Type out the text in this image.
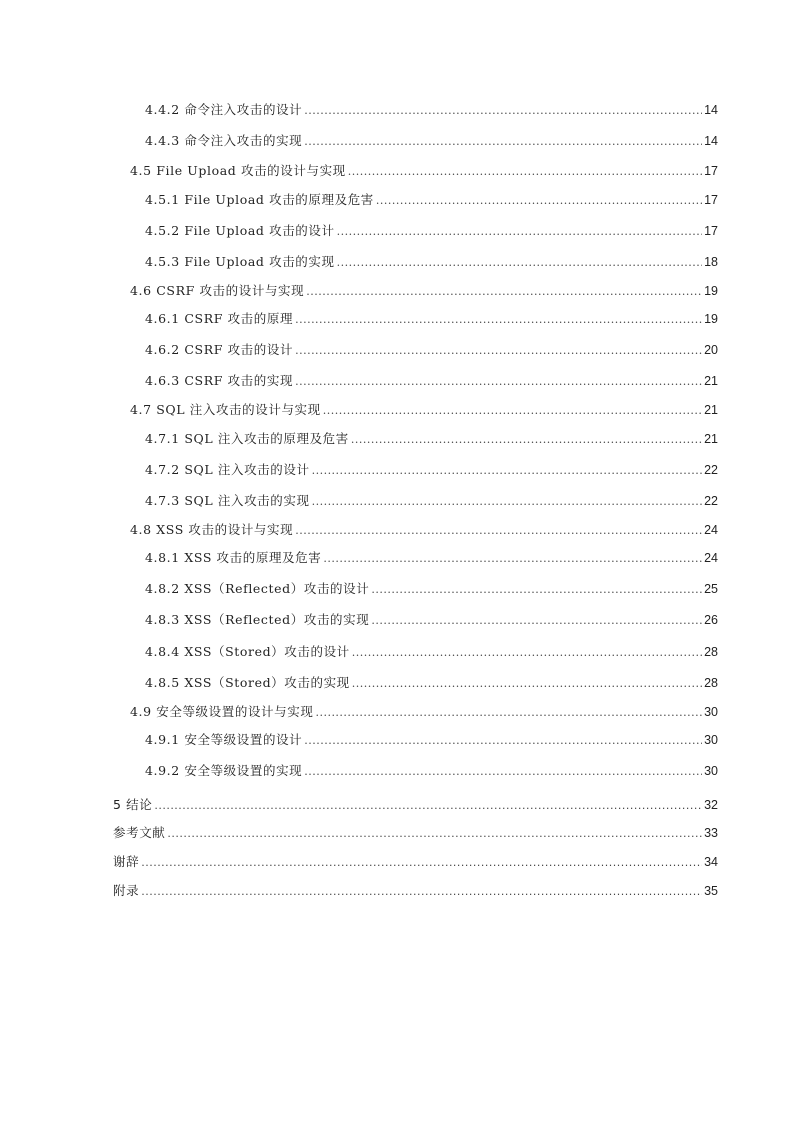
4.4.2 命令注入攻击的设计 .....	14
4.4.3 命令注入攻击的实现 .....	14
4.5 File Upload 攻击的设计与实现 .....	17
4.5.1 File Upload 攻击的原理及危害 .....	17
4.5.2 File Upload 攻击的设计 .....	17
4.5.3 File Upload 攻击的实现 .....	18
4.6 CSRF 攻击的设计与实现 .....	19
4.6.1 CSRF 攻击的原理 .....	19
4.6.2 CSRF 攻击的设计 .....	20
4.6.3 CSRF 攻击的实现 .....	21
4.7 SQL 注入攻击的设计与实现 .....	21
4.7.1 SQL 注入攻击的原理及危害 .....	21
4.7.2 SQL 注入攻击的设计 .....	22
4.7.3 SQL 注入攻击的实现 .....	22
4.8 XSS 攻击的设计与实现 .....	24
4.8.1 XSS 攻击的原理及危害 .....	24
4.8.2 XSS（Reflected）攻击的设计 .....	25
4.8.3 XSS（Reflected）攻击的实现 .....	26
4.8.4 XSS（Stored）攻击的设计 .....	28
4.8.5 XSS（Stored）攻击的实现 .....	28
4.9 安全等级设置的设计与实现 .....	30
4.9.1 安全等级设置的设计 .....	30
4.9.2 安全等级设置的实现 .....	30
5 结论 .....	32
参考文献 .....	33
谢辞 .....	34
附录 .....	35
